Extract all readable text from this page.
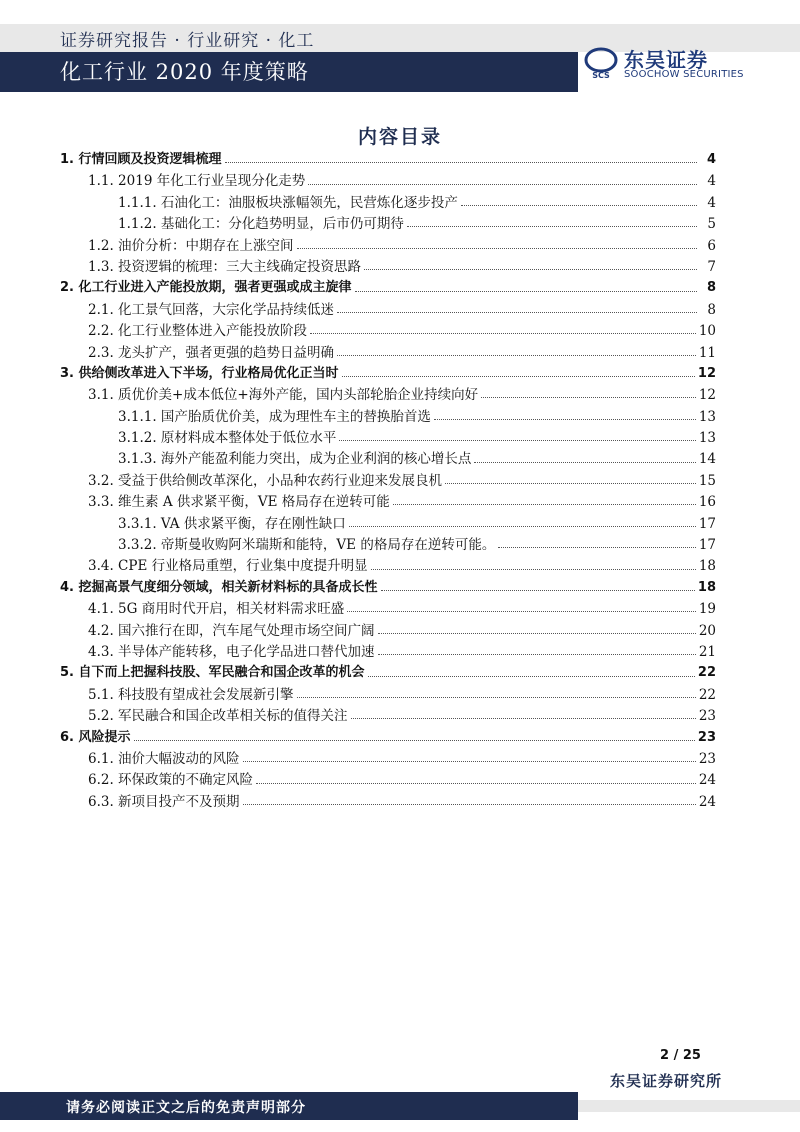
证券研究报告 · 行业研究 · 化工
化工行业 2020 年度策略	SCS
东吴证券
SOOCHOW SECURITIES
内容目录
1. 行情回顾及投资逻辑梳理	4
1.1. 2019 年化工行业呈现分化走势	4
1.1.1. 石油化工：油服板块涨幅领先，民营炼化逐步投产	4
1.1.2. 基础化工：分化趋势明显，后市仍可期待	5
1.2. 油价分析：中期存在上涨空间	6
1.3. 投资逻辑的梳理：三大主线确定投资思路	7
2. 化工行业进入产能投放期，强者更强或成主旋律	8
2.1. 化工景气回落，大宗化学品持续低迷	8
2.2. 化工行业整体进入产能投放阶段	10
2.3. 龙头扩产，强者更强的趋势日益明确	11
3. 供给侧改革进入下半场，行业格局优化正当时	12
3.1. 质优价美+成本低位+海外产能，国内头部轮胎企业持续向好	12
3.1.1. 国产胎质优价美，成为理性车主的替换胎首选	13
3.1.2. 原材料成本整体处于低位水平	13
3.1.3. 海外产能盈利能力突出，成为企业利润的核心增长点	14
3.2. 受益于供给侧改革深化，小品种农药行业迎来发展良机	15
3.3. 维生素 A 供求紧平衡，VE 格局存在逆转可能	16
3.3.1. VA 供求紧平衡，存在刚性缺口	17
3.3.2. 帝斯曼收购阿米瑞斯和能特，VE 的格局存在逆转可能。	17
3.4. CPE 行业格局重塑，行业集中度提升明显	18
4. 挖掘高景气度细分领域，相关新材料标的具备成长性	18
4.1. 5G 商用时代开启，相关材料需求旺盛	19
4.2. 国六推行在即，汽车尾气处理市场空间广阔	20
4.3. 半导体产能转移，电子化学品进口替代加速	21
5. 自下而上把握科技股、军民融合和国企改革的机会	22
5.1. 科技股有望成社会发展新引擎	22
5.2. 军民融合和国企改革相关标的值得关注	23
6. 风险提示	23
6.1. 油价大幅波动的风险	23
6.2. 环保政策的不确定风险	24
6.3. 新项目投产不及预期	24
2 / 25
东吴证券研究所
请务必阅读正文之后的免责声明部分
